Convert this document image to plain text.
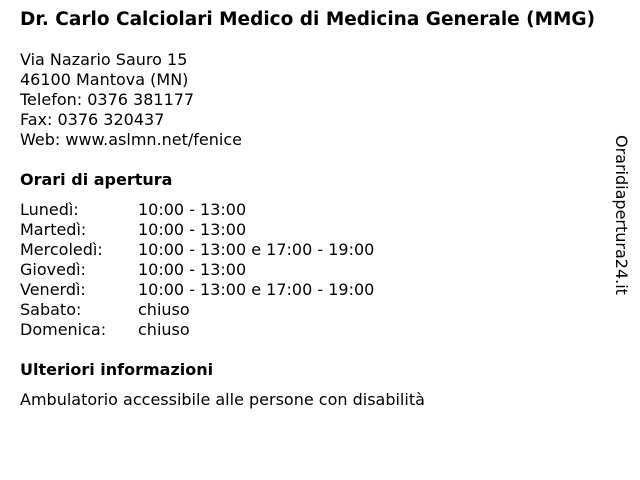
Dr. Carlo Calciolari Medico di Medicina Generale (MMG)
Via Nazario Sauro 15
46100 Mantova (MN)
Telefon: 0376 381177
Fax: 0376 320437
Web: www.aslmn.net/fenice
Orari di apertura
Lunedì:	10:00 - 13:00
Martedì:	10:00 - 13:00
Mercoledì:	10:00 - 13:00 e 17:00 - 19:00
Giovedì:	10:00 - 13:00
Venerdì:	10:00 - 13:00 e 17:00 - 19:00
Sabato:	chiuso
Domenica:	chiuso
Ulteriori informazioni
Ambulatorio accessibile alle persone con disabilità
Oraridiapertura24.it
